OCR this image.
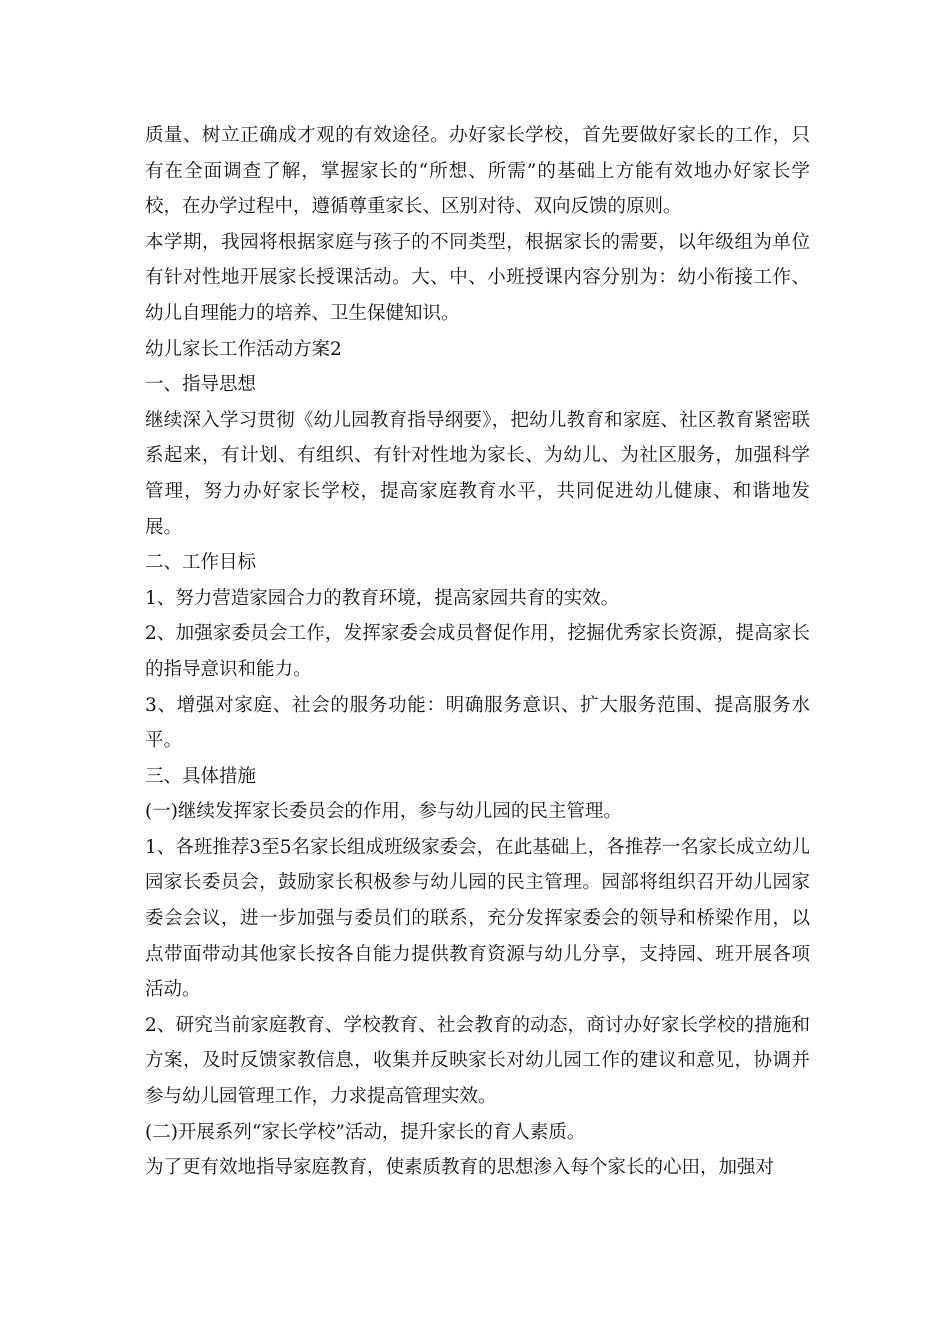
质量、树立正确成才观的有效途径。办好家长学校，首先要做好家长的工作，只有在全面调查了解，掌握家长的“所想、所需”的基础上方能有效地办好家长学校，在办学过程中，遵循尊重家长、区别对待、双向反馈的原则。

本学期，我园将根据家庭与孩子的不同类型，根据家长的需要，以年级组为单位有针对性地开展家长授课活动。大、中、小班授课内容分别为：幼小衔接工作、幼儿自理能力的培养、卫生保健知识。

幼儿家长工作活动方案2

一、指导思想

继续深入学习贯彻《幼儿园教育指导纲要》，把幼儿教育和家庭、社区教育紧密联系起来，有计划、有组织、有针对性地为家长、为幼儿、为社区服务，加强科学管理，努力办好家长学校，提高家庭教育水平，共同促进幼儿健康、和谐地发展。

二、工作目标

1、努力营造家园合力的教育环境，提高家园共育的实效。

2、加强家委员会工作，发挥家委会成员督促作用，挖掘优秀家长资源，提高家长的指导意识和能力。

3、增强对家庭、社会的服务功能：明确服务意识、扩大服务范围、提高服务水平。

三、具体措施

(一)继续发挥家长委员会的作用，参与幼儿园的民主管理。

1、各班推荐3至5名家长组成班级家委会，在此基础上，各推荐一名家长成立幼儿园家长委员会，鼓励家长积极参与幼儿园的民主管理。园部将组织召开幼儿园家委会会议，进一步加强与委员们的联系，充分发挥家委会的领导和桥梁作用，以点带面带动其他家长按各自能力提供教育资源与幼儿分享，支持园、班开展各项活动。

2、研究当前家庭教育、学校教育、社会教育的动态，商讨办好家长学校的措施和方案，及时反馈家教信息，收集并反映家长对幼儿园工作的建议和意见，协调并参与幼儿园管理工作，力求提高管理实效。

(二)开展系列“家长学校”活动，提升家长的育人素质。

为了更有效地指导家庭教育，使素质教育的思想渗入每个家长的心田，加强对
